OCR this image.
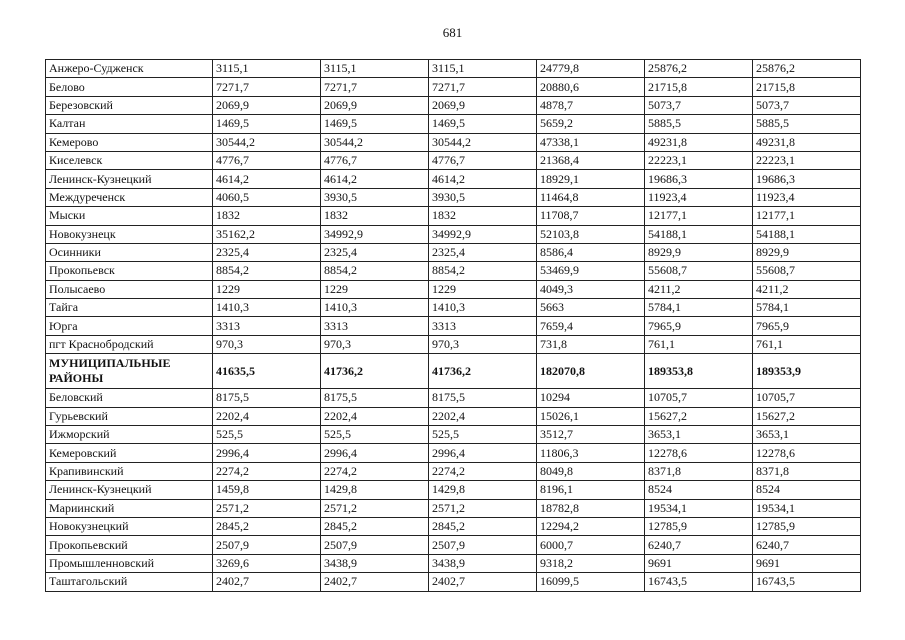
681
Анжеро-Судженск	3115,1	3115,1	3115,1	24779,8	25876,2	25876,2
Белово	7271,7	7271,7	7271,7	20880,6	21715,8	21715,8
Березовский	2069,9	2069,9	2069,9	4878,7	5073,7	5073,7
Калтан	1469,5	1469,5	1469,5	5659,2	5885,5	5885,5
Кемерово	30544,2	30544,2	30544,2	47338,1	49231,8	49231,8
Киселевск	4776,7	4776,7	4776,7	21368,4	22223,1	22223,1
Ленинск-Кузнецкий	4614,2	4614,2	4614,2	18929,1	19686,3	19686,3
Междуреченск	4060,5	3930,5	3930,5	11464,8	11923,4	11923,4
Мыски	1832	1832	1832	11708,7	12177,1	12177,1
Новокузнецк	35162,2	34992,9	34992,9	52103,8	54188,1	54188,1
Осинники	2325,4	2325,4	2325,4	8586,4	8929,9	8929,9
Прокопьевск	8854,2	8854,2	8854,2	53469,9	55608,7	55608,7
Полысаево	1229	1229	1229	4049,3	4211,2	4211,2
Тайга	1410,3	1410,3	1410,3	5663	5784,1	5784,1
Юрга	3313	3313	3313	7659,4	7965,9	7965,9
пгт Краснобродский	970,3	970,3	970,3	731,8	761,1	761,1
МУНИЦИПАЛЬНЫЕ РАЙОНЫ	41635,5	41736,2	41736,2	182070,8	189353,8	189353,9
Беловский	8175,5	8175,5	8175,5	10294	10705,7	10705,7
Гурьевский	2202,4	2202,4	2202,4	15026,1	15627,2	15627,2
Ижморский	525,5	525,5	525,5	3512,7	3653,1	3653,1
Кемеровский	2996,4	2996,4	2996,4	11806,3	12278,6	12278,6
Крапивинский	2274,2	2274,2	2274,2	8049,8	8371,8	8371,8
Ленинск-Кузнецкий	1459,8	1429,8	1429,8	8196,1	8524	8524
Мариинский	2571,2	2571,2	2571,2	18782,8	19534,1	19534,1
Новокузнецкий	2845,2	2845,2	2845,2	12294,2	12785,9	12785,9
Прокопьевский	2507,9	2507,9	2507,9	6000,7	6240,7	6240,7
Промышленновский	3269,6	3438,9	3438,9	9318,2	9691	9691
Таштагольский	2402,7	2402,7	2402,7	16099,5	16743,5	16743,5
